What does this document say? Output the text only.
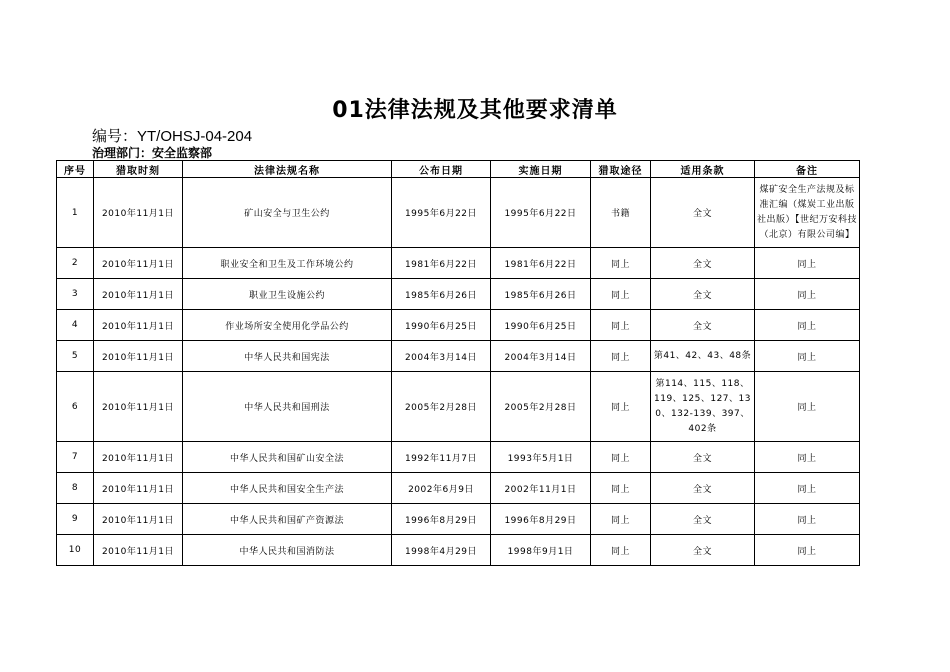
01法律法规及其他要求清单
编号：YT/OHSJ-04-204
治理部门：安全监察部
序号	猎取时刻	法律法规名称	公布日期	实施日期	猎取途径	适用条款	备注
1	2010年11月1日	矿山安全与卫生公约	1995年6月22日	1995年6月22日	书籍	全文	煤矿安全生产法规及标准汇编（煤炭工业出版社出版）【世纪万安科技（北京）有限公司编】
2	2010年11月1日	职业安全和卫生及工作环境公约	1981年6月22日	1981年6月22日	同上	全文	同上
3	2010年11月1日	职业卫生设施公约	1985年6月26日	1985年6月26日	同上	全文	同上
4	2010年11月1日	作业场所安全使用化学品公约	1990年6月25日	1990年6月25日	同上	全文	同上
5	2010年11月1日	中华人民共和国宪法	2004年3月14日	2004年3月14日	同上	第41、42、43、48条	同上
6	2010年11月1日	中华人民共和国刑法	2005年2月28日	2005年2月28日	同上	第114、115、118、119、125、127、130、132-139、397、402条	同上
7	2010年11月1日	中华人民共和国矿山安全法	1992年11月7日	1993年5月1日	同上	全文	同上
8	2010年11月1日	中华人民共和国安全生产法	2002年6月9日	2002年11月1日	同上	全文	同上
9	2010年11月1日	中华人民共和国矿产资源法	1996年8月29日	1996年8月29日	同上	全文	同上
10	2010年11月1日	中华人民共和国消防法	1998年4月29日	1998年9月1日	同上	全文	同上
